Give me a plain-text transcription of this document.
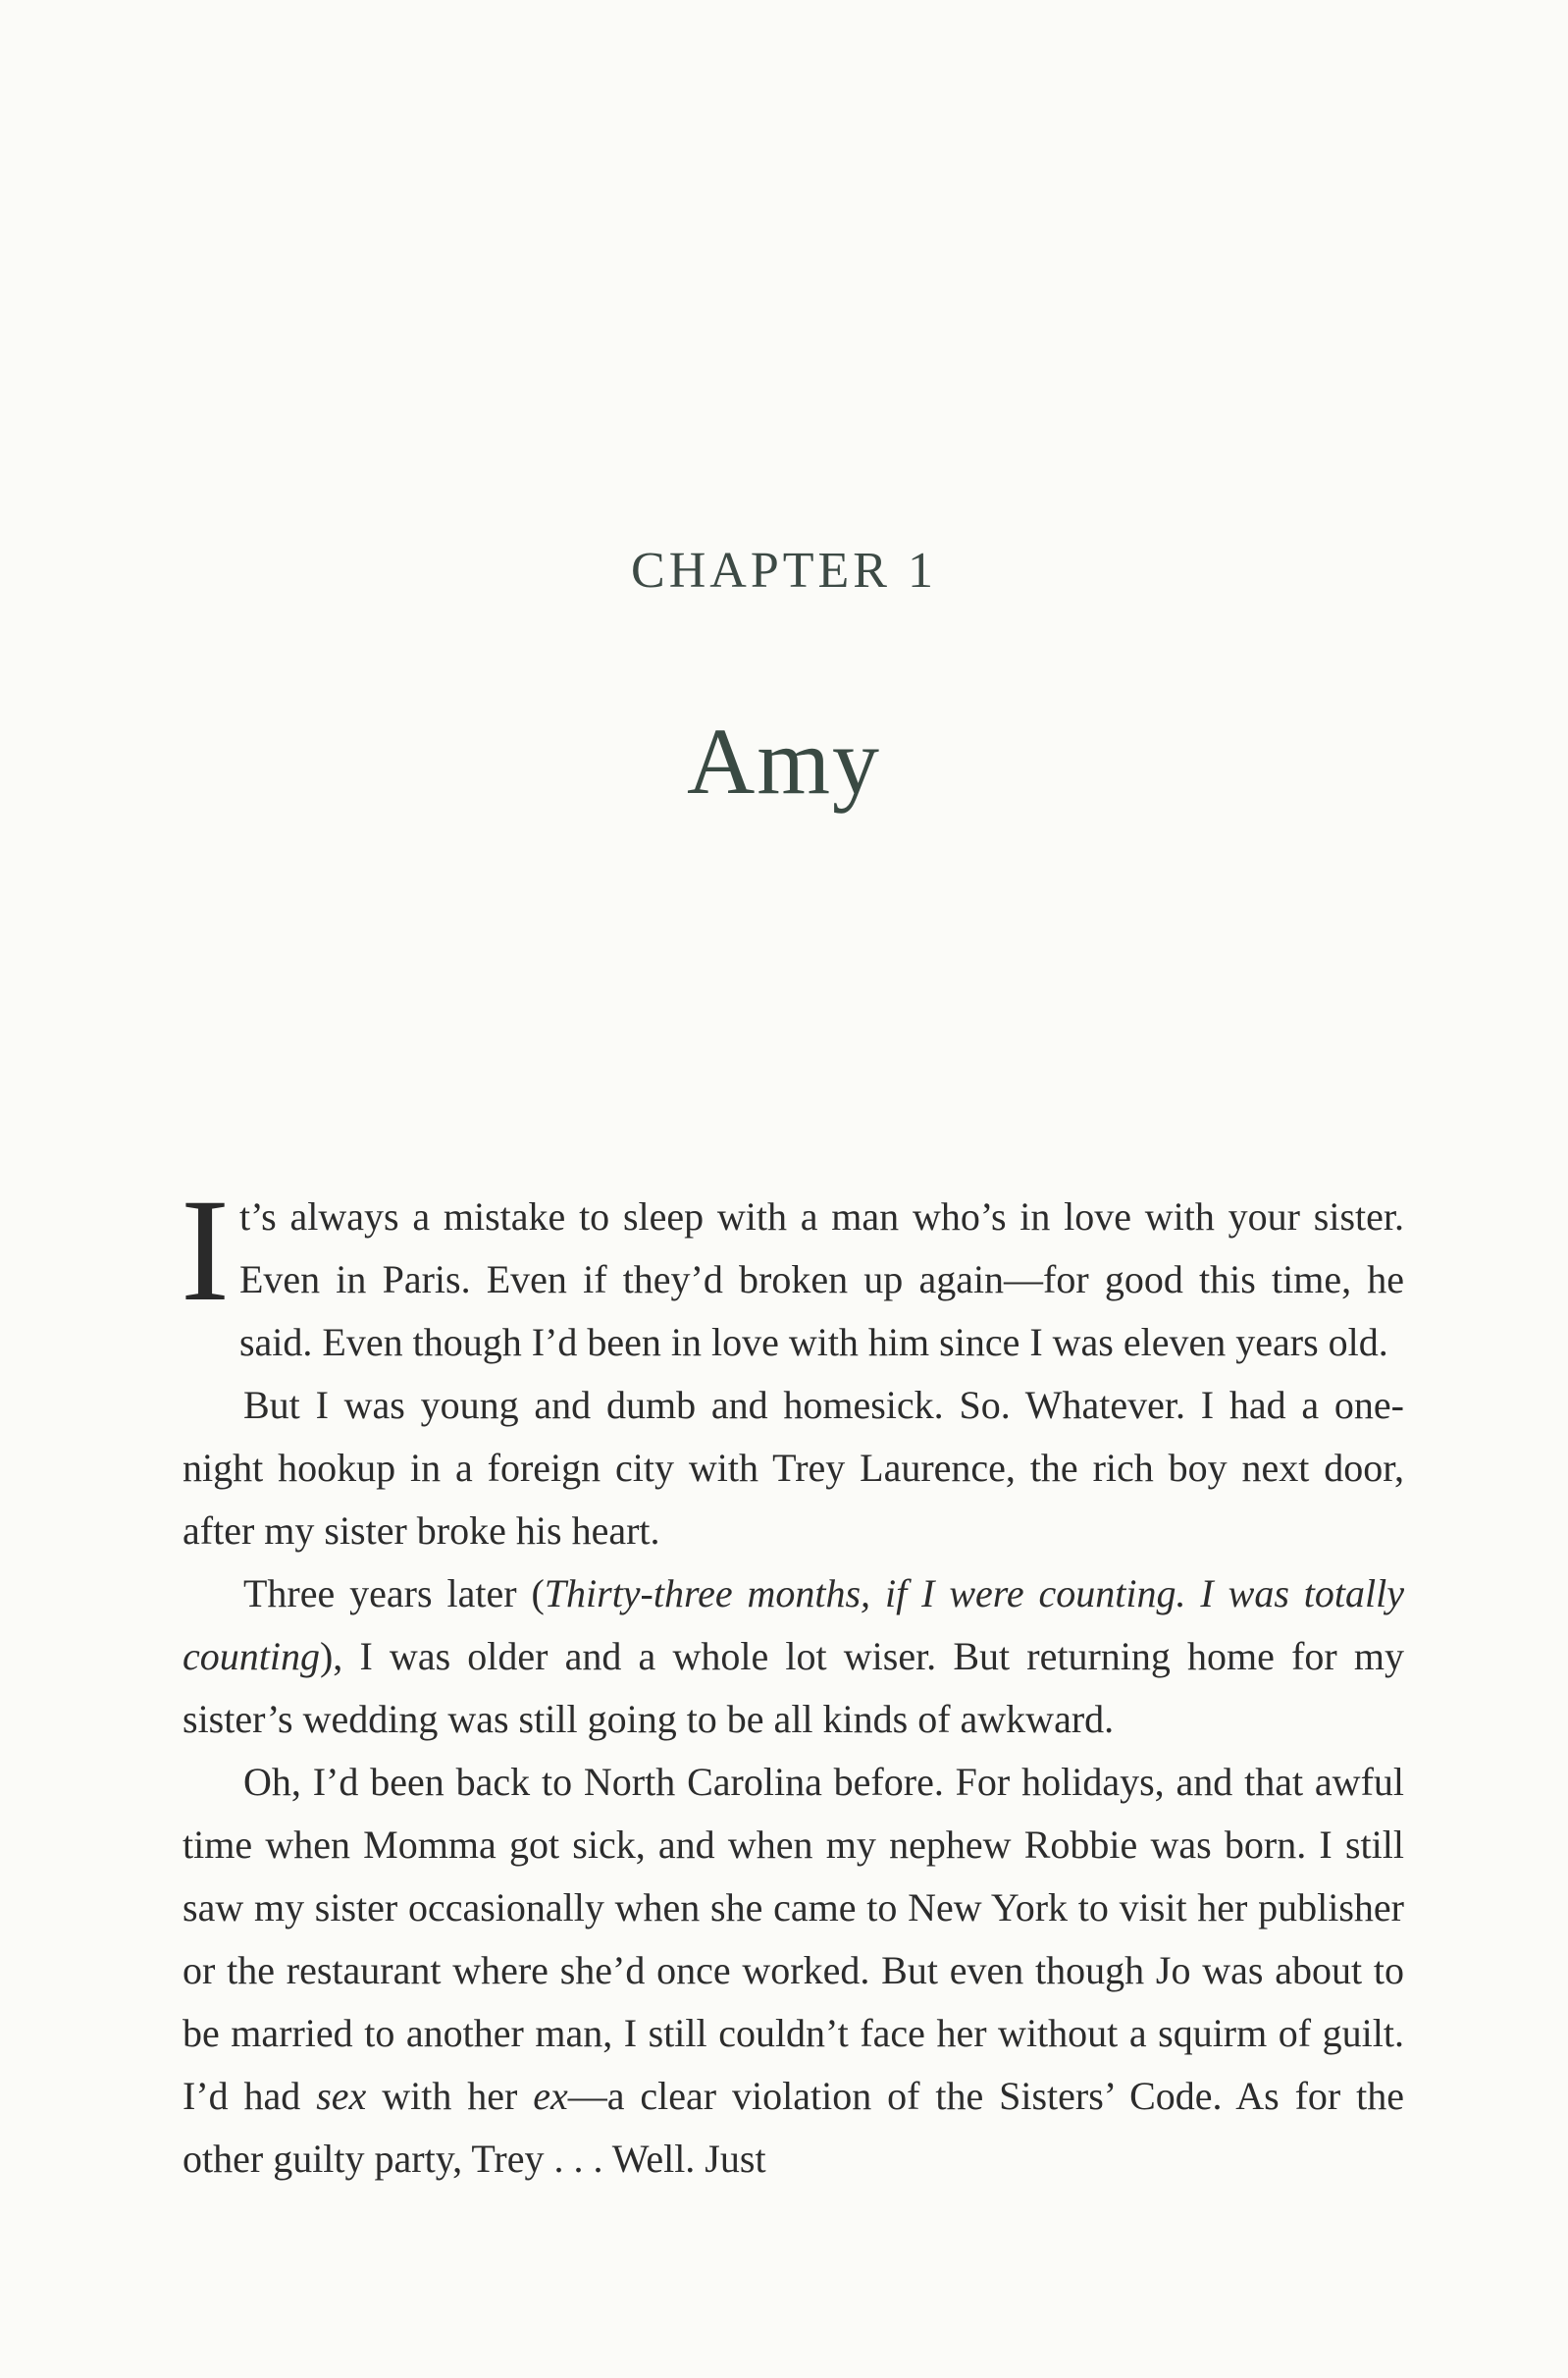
CHAPTER 1
Amy

It’s always a mistake to sleep with a man who’s in love with your sister. Even in Paris. Even if they’d broken up again—for good this time, he said. Even though I’d been in love with him since I was eleven years old.

But I was young and dumb and homesick. So. Whatever. I had a one-night hookup in a foreign city with Trey Laurence, the rich boy next door, after my sister broke his heart.

Three years later (Thirty-three months, if I were counting. I was totally counting), I was older and a whole lot wiser. But returning home for my sister’s wedding was still going to be all kinds of awkward.

Oh, I’d been back to North Carolina before. For holidays, and that awful time when Momma got sick, and when my nephew Robbie was born. I still saw my sister occasionally when she came to New York to visit her publisher or the restaurant where she’d once worked. But even though Jo was about to be married to another man, I still couldn’t face her without a squirm of guilt. I’d had sex with her ex—a clear violation of the Sisters’ Code. As for the other guilty party, Trey . . . Well. Just
